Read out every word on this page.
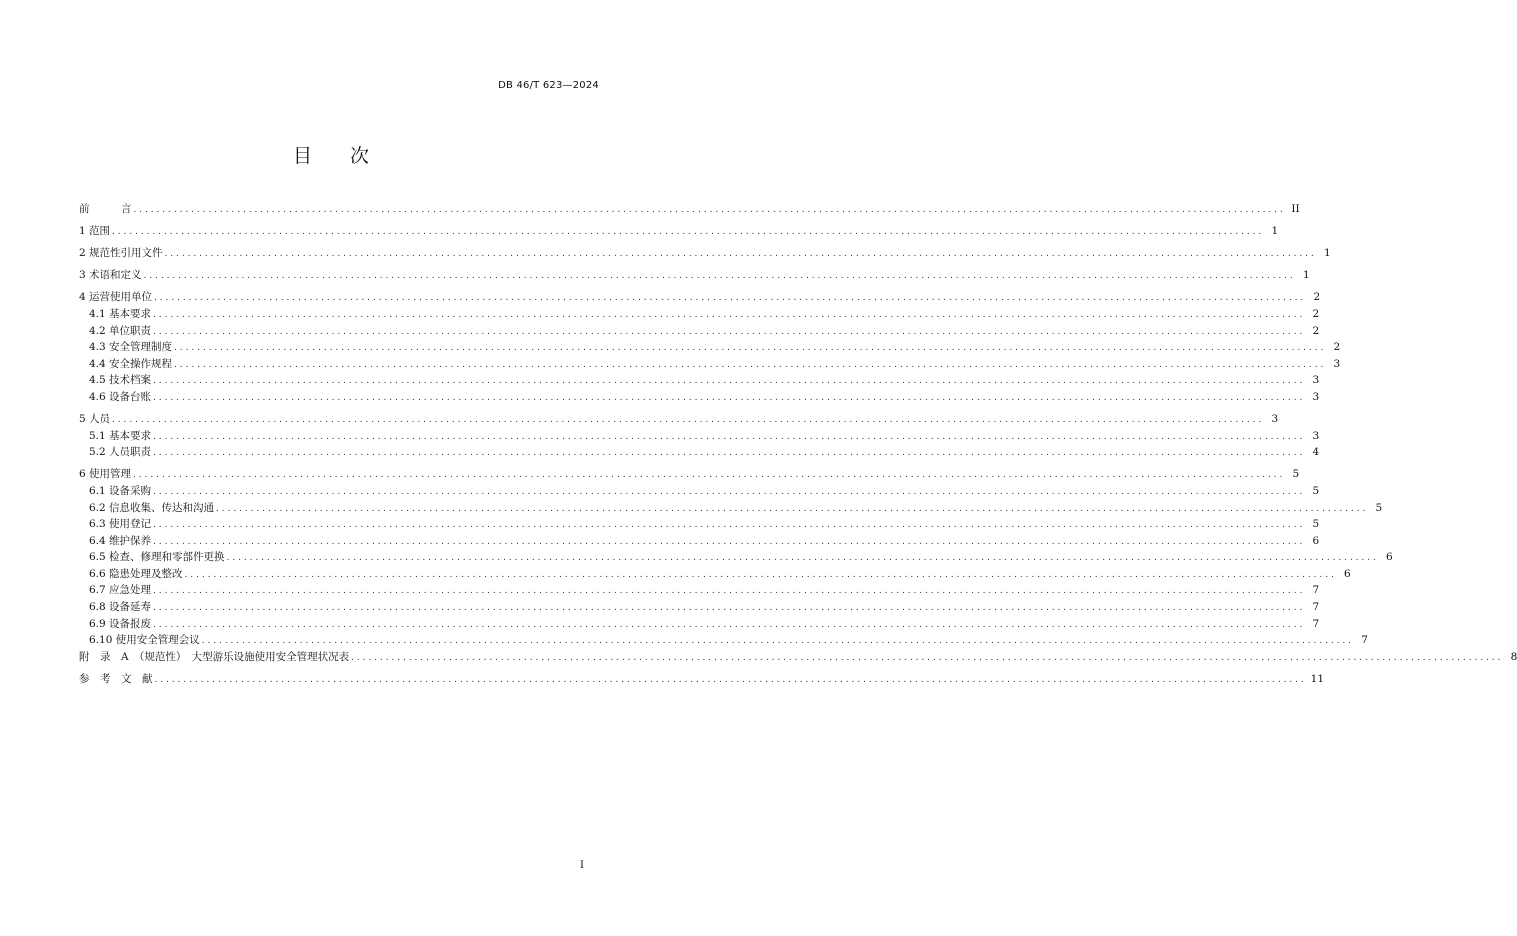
DB 46/T 623—2024
目　　次
前　　　言 ........................................................................................................................................................................................................ II
1 范围 ........................................................................................................................................................................................................ 1
2 规范性引用文件 ........................................................................................................................................................................................................ 1
3 术语和定义 ........................................................................................................................................................................................................ 1
4 运营使用单位 ........................................................................................................................................................................................................ 2
4.1 基本要求 ........................................................................................................................................................................................................ 2
4.2 单位职责 ........................................................................................................................................................................................................ 2
4.3 安全管理制度 ........................................................................................................................................................................................................ 2
4.4 安全操作规程 ........................................................................................................................................................................................................ 3
4.5 技术档案 ........................................................................................................................................................................................................ 3
4.6 设备台账 ........................................................................................................................................................................................................ 3
5 人员 ........................................................................................................................................................................................................ 3
5.1 基本要求 ........................................................................................................................................................................................................ 3
5.2 人员职责 ........................................................................................................................................................................................................ 4
6 使用管理 ........................................................................................................................................................................................................ 5
6.1 设备采购 ........................................................................................................................................................................................................ 5
6.2 信息收集、传达和沟通 ........................................................................................................................................................................................................ 5
6.3 使用登记 ........................................................................................................................................................................................................ 5
6.4 维护保养 ........................................................................................................................................................................................................ 6
6.5 检查、修理和零部件更换 ........................................................................................................................................................................................................ 6
6.6 隐患处理及整改 ........................................................................................................................................................................................................ 6
6.7 应急处理 ........................................................................................................................................................................................................ 7
6.8 设备延寿 ........................................................................................................................................................................................................ 7
6.9 设备报废 ........................................................................................................................................................................................................ 7
6.10 使用安全管理会议 ........................................................................................................................................................................................................ 7
附　录　A　（规范性）　大型游乐设施使用安全管理状况表 ........................................................................................................................................................................................................ 8
参　考　文　献 ........................................................................................................................................................................................................ 11
I
